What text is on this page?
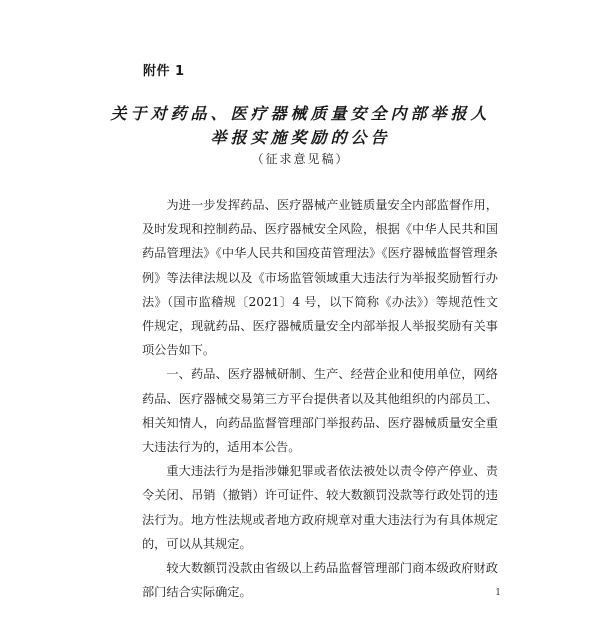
附件 1
关于对药品、医疗器械质量安全内部举报人
举报实施奖励的公告
（征求意见稿）

为进一步发挥药品、医疗器械产业链质量安全内部监督作用，及时发现和控制药品、医疗器械安全风险，根据《中华人民共和国药品管理法》《中华人民共和国疫苗管理法》《医疗器械监督管理条例》等法律法规以及《市场监管领域重大违法行为举报奖励暂行办法》（国市监稽规〔2021〕4 号，以下简称《办法》）等规范性文件规定，现就药品、医疗器械质量安全内部举报人举报奖励有关事项公告如下。

一、药品、医疗器械研制、生产、经营企业和使用单位，网络药品、医疗器械交易第三方平台提供者以及其他组织的内部员工、相关知情人，向药品监督管理部门举报药品、医疗器械质量安全重大违法行为的，适用本公告。

重大违法行为是指涉嫌犯罪或者依法被处以责令停产停业、责令关闭、吊销（撤销）许可证件、较大数额罚没款等行政处罚的违法行为。地方性法规或者地方政府规章对重大违法行为有具体规定的，可以从其规定。

较大数额罚没款由省级以上药品监督管理部门商本级政府财政部门结合实际确定。	1
